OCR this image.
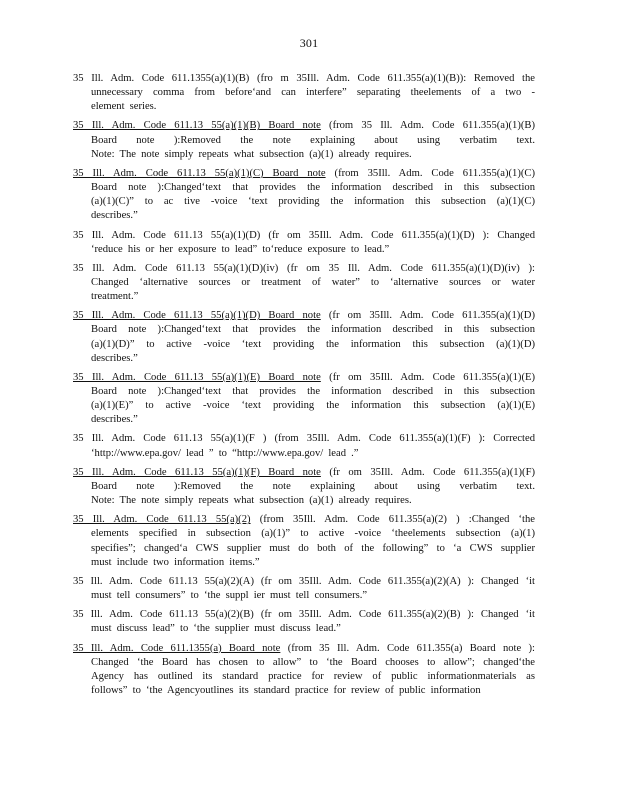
301
35 Ill. Adm. Code 611.1355(a)(1)(B) (fro m 35Ill. Adm. Code 611.355(a)(1)(B)): Removed the
unnecessary comma from before‘and can interfere” separating theelements of a two -
element series.
35 Ill. Adm. Code 611.13 55(a)(1)(B) Board note (from 35 Ill. Adm. Code 611.355(a)(1)(B)
Board note ):Removed the note explaining about using verbatim text.
Note: The note simply repeats what subsection (a)(1) already requires.
35 Ill. Adm. Code 611.13 55(a)(1)(C) Board note (from 35Ill. Adm. Code 611.355(a)(1)(C)
Board note ):Changed‘text that provides the information described in this subsection
(a)(1)(C)” to ac tive -voice ‘text providing the information this subsection (a)(1)(C)
describes.”
35 Ill. Adm. Code 611.13 55(a)(1)(D) (fr om 35Ill. Adm. Code 611.355(a)(1)(D) ): Changed
‘reduce his or her exposure to lead” to‘reduce exposure to lead.”
35 Ill. Adm. Code 611.13 55(a)(1)(D)(iv) (fr om 35 Ill. Adm. Code 611.355(a)(1)(D)(iv) ):
Changed ‘alternative sources or treatment of water” to ‘alternative sources or water
treatment.”
35 Ill. Adm. Code 611.13 55(a)(1)(D) Board note (fr om 35Ill. Adm. Code 611.355(a)(1)(D)
Board note ):Changed‘text that provides the information described in this subsection
(a)(1)(D)” to active -voice ‘text providing the information this subsection (a)(1)(D)
describes.”
35 Ill. Adm. Code 611.13 55(a)(1)(E) Board note (fr om 35Ill. Adm. Code 611.355(a)(1)(E)
Board note ):Changed‘text that provides the information described in this subsection
(a)(1)(E)” to active -voice ‘text providing the information this subsection (a)(1)(E)
describes.”
35 Ill. Adm. Code 611.13 55(a)(1)(F ) (from 35Ill. Adm. Code 611.355(a)(1)(F) ): Corrected
‘http://www.epa.gov/ lead ” to “http://www.epa.gov/ lead .”
35 Ill. Adm. Code 611.13 55(a)(1)(F) Board note (fr om 35Ill. Adm. Code 611.355(a)(1)(F)
Board note ):Removed the note explaining about using verbatim text.
Note: The note simply repeats what subsection (a)(1) already requires.
35 Ill. Adm. Code 611.13 55(a)(2) (from 35Ill. Adm. Code 611.355(a)(2) ) :Changed ‘the
elements specified in subsection (a)(1)” to active -voice ‘theelements subsection (a)(1)
specifies”; changed‘a CWS supplier must do both of the following” to ‘a CWS supplier
must include two information items.”
35 Ill. Adm. Code 611.13 55(a)(2)(A) (fr om 35Ill. Adm. Code 611.355(a)(2)(A) ): Changed ‘it
must tell consumers” to ‘the suppl ier must tell consumers.”
35 Ill. Adm. Code 611.13 55(a)(2)(B) (fr om 35Ill. Adm. Code 611.355(a)(2)(B) ): Changed ‘it
must discuss lead” to ‘the supplier must discuss lead.”
35 Ill. Adm. Code 611.1355(a) Board note (from 35 Ill. Adm. Code 611.355(a) Board note ):
Changed ‘the Board has chosen to allow” to ‘the Board chooses to allow”; changed‘the
Agency has outlined its standard practice for review of public informationmaterials as
follows” to ‘the Agencyoutlines its standard practice for review of public information
